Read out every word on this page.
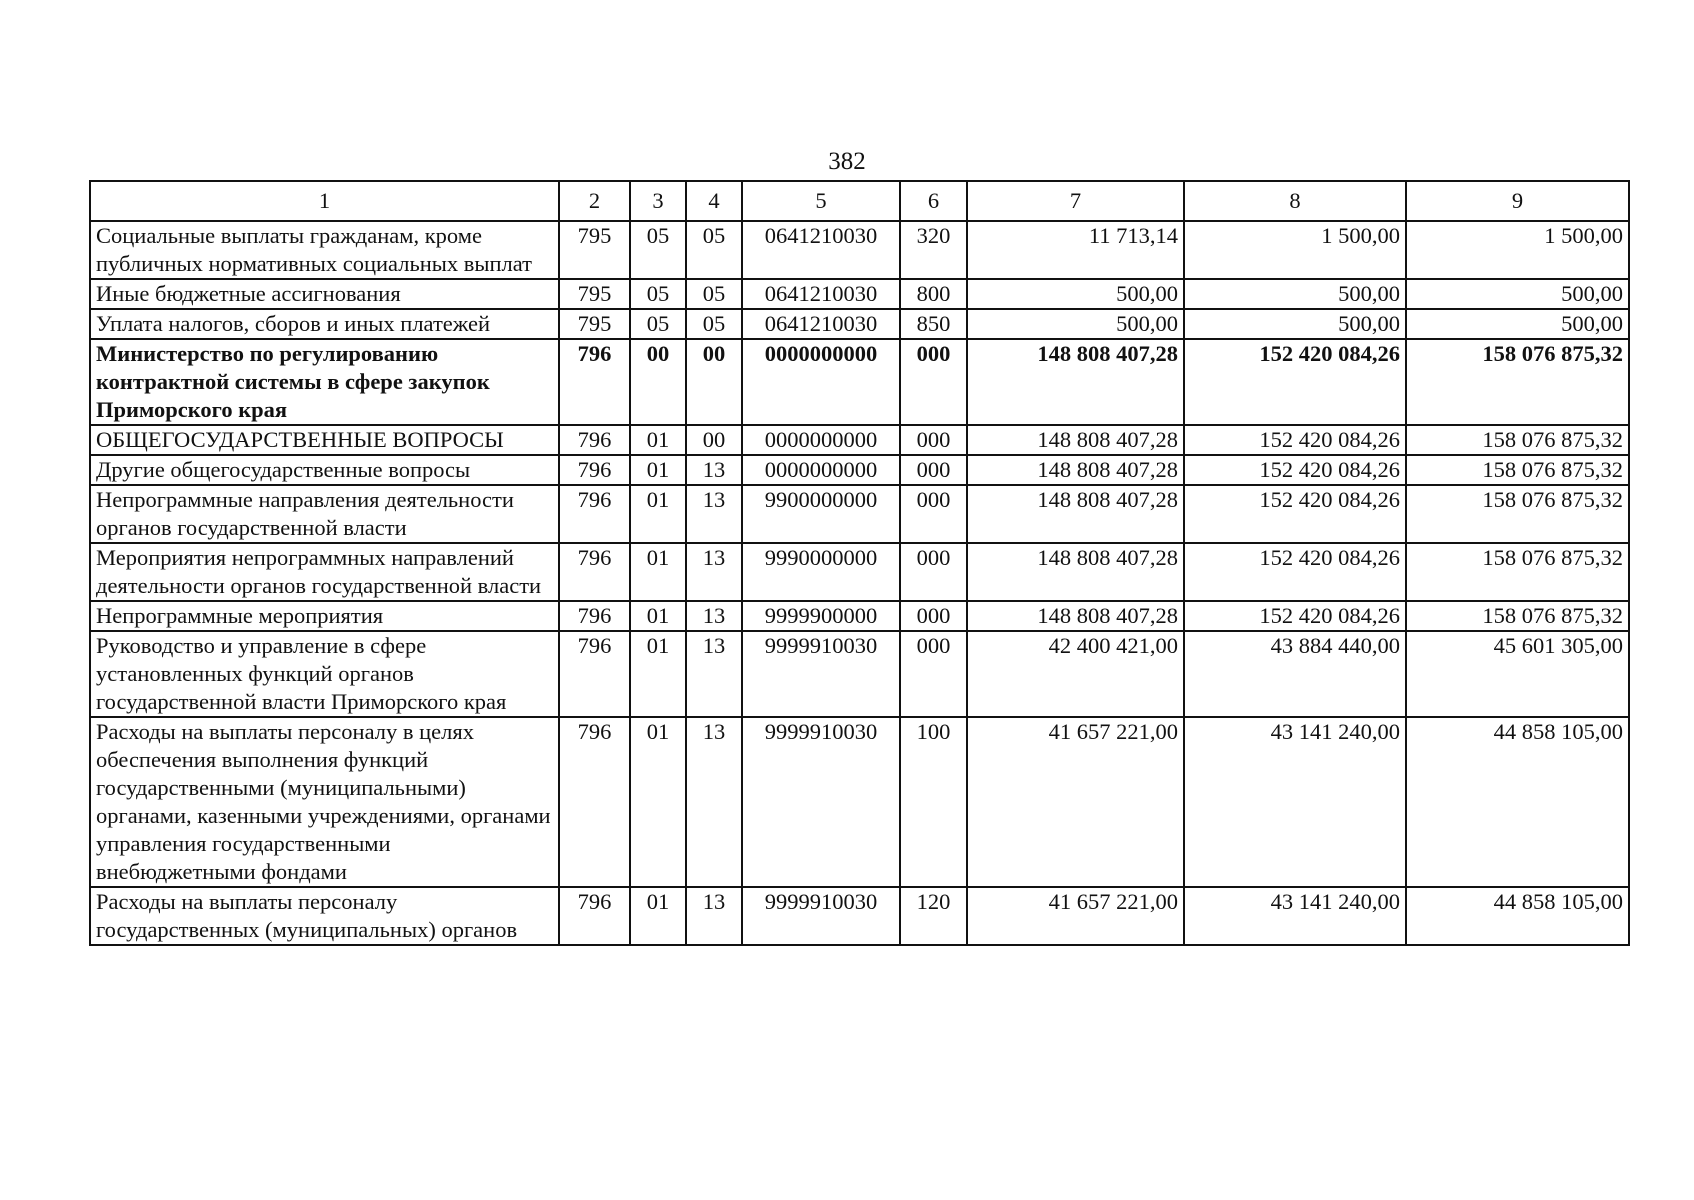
382
1	2	3	4	5	6	7	8	9
Социальные выплаты гражданам, кроме публичных нормативных социальных выплат	795	05	05	0641210030	320	11 713,14	1 500,00	1 500,00
Иные бюджетные ассигнования	795	05	05	0641210030	800	500,00	500,00	500,00
Уплата налогов, сборов и иных платежей	795	05	05	0641210030	850	500,00	500,00	500,00
Министерство по регулированию контрактной системы в сфере закупок Приморского края	796	00	00	0000000000	000	148 808 407,28	152 420 084,26	158 076 875,32
ОБЩЕГОСУДАРСТВЕННЫЕ ВОПРОСЫ	796	01	00	0000000000	000	148 808 407,28	152 420 084,26	158 076 875,32
Другие общегосударственные вопросы	796	01	13	0000000000	000	148 808 407,28	152 420 084,26	158 076 875,32
Непрограммные направления деятельности органов государственной власти	796	01	13	9900000000	000	148 808 407,28	152 420 084,26	158 076 875,32
Мероприятия непрограммных направлений деятельности органов государственной власти	796	01	13	9990000000	000	148 808 407,28	152 420 084,26	158 076 875,32
Непрограммные мероприятия	796	01	13	9999900000	000	148 808 407,28	152 420 084,26	158 076 875,32
Руководство и управление в сфере установленных функций органов государственной власти Приморского края	796	01	13	9999910030	000	42 400 421,00	43 884 440,00	45 601 305,00
Расходы на выплаты персоналу в целях обеспечения выполнения функций государственными (муниципальными) органами, казенными учреждениями, органами управления государственными внебюджетными фондами	796	01	13	9999910030	100	41 657 221,00	43 141 240,00	44 858 105,00
Расходы на выплаты персоналу государственных (муниципальных) органов	796	01	13	9999910030	120	41 657 221,00	43 141 240,00	44 858 105,00
